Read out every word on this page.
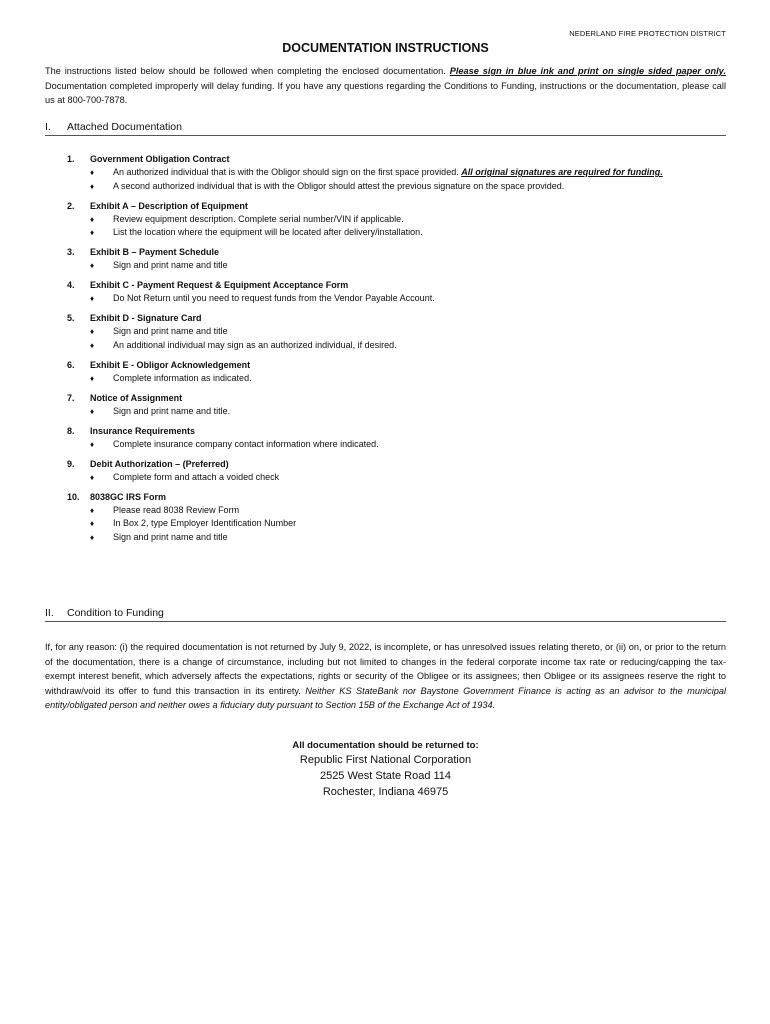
NEDERLAND FIRE PROTECTION DISTRICT
DOCUMENTATION INSTRUCTIONS
The instructions listed below should be followed when completing the enclosed documentation. Please sign in blue ink and print on single sided paper only. Documentation completed improperly will delay funding. If you have any questions regarding the Conditions to Funding, instructions or the documentation, please call us at 800-700-7878.
I. Attached Documentation
1. Government Obligation Contract
♦ An authorized individual that is with the Obligor should sign on the first space provided. All original signatures are required for funding.
♦ A second authorized individual that is with the Obligor should attest the previous signature on the space provided.
2. Exhibit A – Description of Equipment
♦ Review equipment description. Complete serial number/VIN if applicable.
♦ List the location where the equipment will be located after delivery/installation.
3. Exhibit B – Payment Schedule
♦ Sign and print name and title
4. Exhibit C - Payment Request & Equipment Acceptance Form
♦ Do Not Return until you need to request funds from the Vendor Payable Account.
5. Exhibit D - Signature Card
♦ Sign and print name and title
♦ An additional individual may sign as an authorized individual, if desired.
6. Exhibit E - Obligor Acknowledgement
♦ Complete information as indicated.
7. Notice of Assignment
♦ Sign and print name and title.
8. Insurance Requirements
♦ Complete insurance company contact information where indicated.
9. Debit Authorization – (Preferred)
♦ Complete form and attach a voided check
10. 8038GC IRS Form
♦ Please read 8038 Review Form
♦ In Box 2, type Employer Identification Number
♦ Sign and print name and title
II. Condition to Funding
If, for any reason: (i) the required documentation is not returned by July 9, 2022, is incomplete, or has unresolved issues relating thereto, or (ii) on, or prior to the return of the documentation, there is a change of circumstance, including but not limited to changes in the federal corporate income tax rate or reducing/capping the tax-exempt interest benefit, which adversely affects the expectations, rights or security of the Obligee or its assignees; then Obligee or its assignees reserve the right to withdraw/void its offer to fund this transaction in its entirety. Neither KS StateBank nor Baystone Government Finance is acting as an advisor to the municipal entity/obligated person and neither owes a fiduciary duty pursuant to Section 15B of the Exchange Act of 1934.
All documentation should be returned to:
Republic First National Corporation
2525 West State Road 114
Rochester, Indiana 46975
